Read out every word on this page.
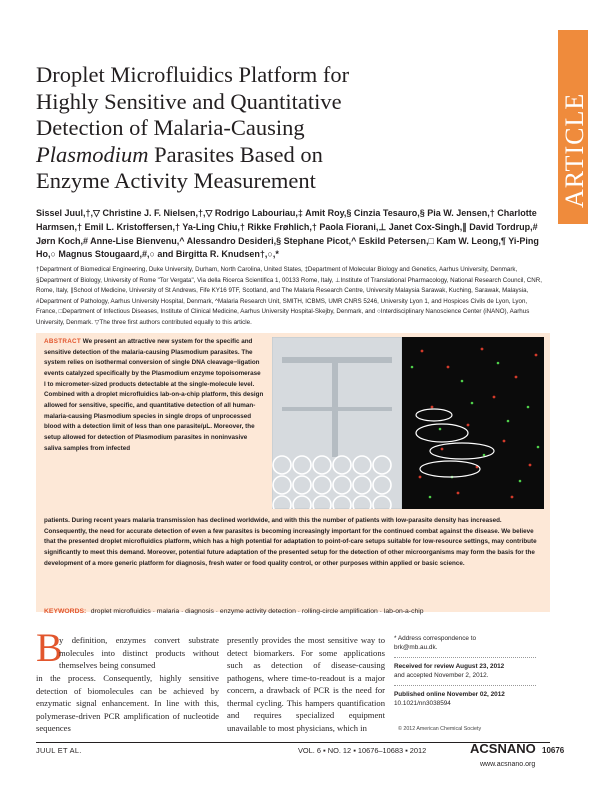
ARTICLE
Droplet Microfluidics Platform for
Highly Sensitive and Quantitative
Detection of Malaria-Causing
Plasmodium Parasites Based on
Enzyme Activity Measurement
Sissel Juul,†,▽ Christine J. F. Nielsen,†,▽ Rodrigo Labouriau,‡ Amit Roy,§ Cinzia Tesauro,§ Pia W. Jensen,† Charlotte Harmsen,† Emil L. Kristoffersen,† Ya-Ling Chiu,† Rikke Frøhlich,† Paola Fiorani,⊥ Janet Cox-Singh,∥ David Tordrup,# Jørn Koch,# Anne-Lise Bienvenu,^ Alessandro Desideri,§ Stephane Picot,^ Eskild Petersen,□ Kam W. Leong,¶ Yi-Ping Ho,○ Magnus Stougaard,#,○ and Birgitta R. Knudsen†,○,*
†Department of Biomedical Engineering, Duke University, Durham, North Carolina, United States, ‡Department of Molecular Biology and Genetics, Aarhus University, Denmark, §Department of Biology, University of Rome "Tor Vergata", Via della Ricerca Scientifica 1, 00133 Rome, Italy, ⊥Institute of Translational Pharmacology, National Research Council, CNR, Rome, Italy, ∥School of Medicine, University of St Andrews, Fife KY16 9TF, Scotland, and The Malaria Research Centre, University Malaysia Sarawak, Kuching, Sarawak, Malaysia, #Department of Pathology, Aarhus University Hospital, Denmark, ^Malaria Research Unit, SMITH, ICBMS, UMR CNRS 5246, University Lyon 1, and Hospices Civils de Lyon, Lyon, France, □Department of Infectious Diseases, Institute of Clinical Medicine, Aarhus University Hospital-Skejby, Denmark, and ○Interdisciplinary Nanoscience Center (iNANO), Aarhus University, Denmark. ▽The three first authors contributed equally to this article.
ABSTRACT We present an attractive new system for the specific and sensitive detection of the malaria-causing Plasmodium parasites. The system relies on isothermal conversion of single DNA cleavage−ligation events catalyzed specifically by the Plasmodium enzyme topoisomerase I to micrometer-sized products detectable at the single-molecule level. Combined with a droplet microfluidics lab-on-a-chip platform, this design allowed for sensitive, specific, and quantitative detection of all human-malaria-causing Plasmodium species in single drops of unprocessed blood with a detection limit of less than one parasite/μL. Moreover, the setup allowed for detection of Plasmodium parasites in noninvasive saliva samples from infected
patients. During recent years malaria transmission has declined worldwide, and with this the number of patients with low-parasite density has increased. Consequently, the need for accurate detection of even a few parasites is becoming increasingly important for the continued combat against the disease. We believe that the presented droplet microfluidics platform, which has a high potential for adaptation to point-of-care setups suitable for low-resource settings, may contribute significantly to meet this demand. Moreover, potential future adaptation of the presented setup for the detection of other microorganisms may form the basis for the development of a more generic platform for diagnosis, fresh water or food quality control, or other purposes within applied or basic science.
KEYWORDS: droplet microfluidics · malaria · diagnosis · enzyme activity detection · rolling-circle amplification · lab-on-a-chip
B
y definition, enzymes convert substrate molecules into distinct products without themselves being consumed
in the process. Consequently, highly sensitive detection of biomolecules can be achieved by enzymatic signal enhancement. In line with this, polymerase-driven PCR amplification of nucleotide sequences
presently provides the most sensitive way to detect biomarkers. For some applications such as detection of disease-causing pathogens, where time-to-readout is a major concern, a drawback of PCR is the need for thermal cycling. This hampers quantification and requires specialized equipment unavailable to most physicians, which in
* Address correspondence to
brk@mb.au.dk.
Received for review August 23, 2012
and accepted November 2, 2012.
Published online November 02, 2012
10.1021/nn3038594
© 2012 American Chemical Society
JUUL ET AL.	VOL. 6 ▪ NO. 12 ▪ 10676–10683 ▪ 2012	ACSNANO 10676
www.acsnano.org
